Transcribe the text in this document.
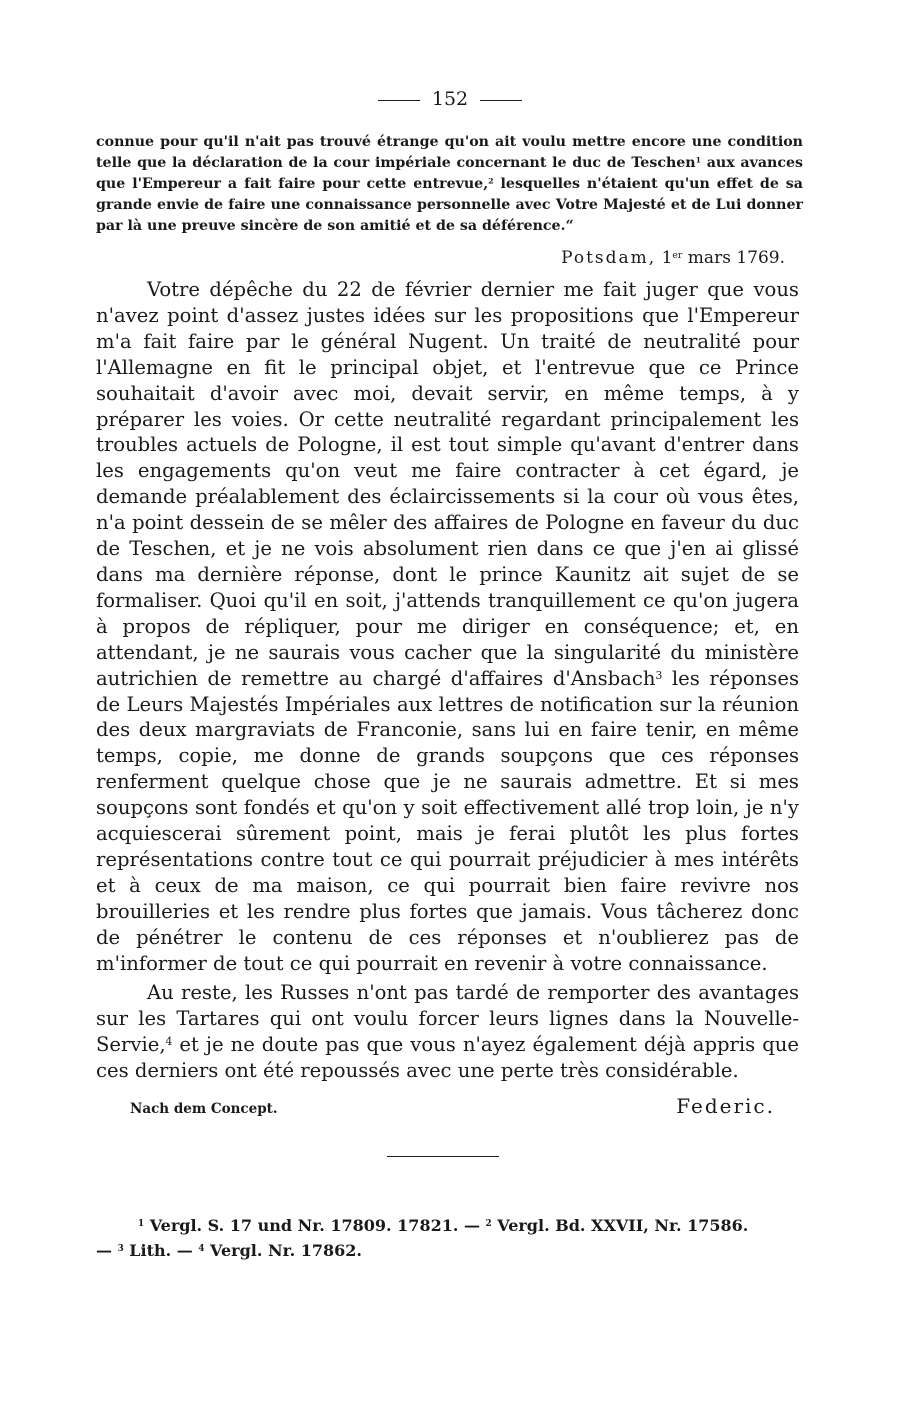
152

connue pour qu'il n'ait pas trouvé étrange qu'on ait voulu mettre encore une condition telle que la déclaration de la cour impériale concernant le duc de Teschen$^1$ aux avances que l'Empereur a fait faire pour cette entrevue,$^2$ lesquelles n'étaient qu'un effet de sa grande envie de faire une connaissance personnelle avec Votre Majesté et de Lui donner par là une preuve sincère de son amitié et de sa déférence.“

Potsdam, 1er mars 1769.

Votre dépêche du 22 de février dernier me fait juger que vous n'avez point d'assez justes idées sur les propositions que l'Empereur m'a fait faire par le général Nugent. Un traité de neutralité pour l'Allemagne en fit le principal objet, et l'entrevue que ce Prince souhaitait d'avoir avec moi, devait servir, en même temps, à y préparer les voies. Or cette neutralité regardant principalement les troubles actuels de Pologne, il est tout simple qu'avant d'entrer dans les engagements qu'on veut me faire contracter à cet égard, je demande préalablement des éclaircissements si la cour où vous êtes, n'a point dessein de se mêler des affaires de Pologne en faveur du duc de Teschen, et je ne vois absolument rien dans ce que j'en ai glissé dans ma dernière réponse, dont le prince Kaunitz ait sujet de se formaliser. Quoi qu'il en soit, j'attends tranquillement ce qu'on jugera à propos de répliquer, pour me diriger en conséquence; et, en attendant, je ne saurais vous cacher que la singularité du ministère autrichien de remettre au chargé d'affaires d'Ansbach$^3$ les réponses de Leurs Majestés Impériales aux lettres de notification sur la réunion des deux margraviats de Franconie, sans lui en faire tenir, en même temps, copie, me donne de grands soupçons que ces réponses renferment quelque chose que je ne saurais admettre. Et si mes soupçons sont fondés et qu'on y soit effectivement allé trop loin, je n'y acquiescerai sûrement point, mais je ferai plutôt les plus fortes représentations contre tout ce qui pourrait préjudicier à mes intérêts et à ceux de ma maison, ce qui pourrait bien faire revivre nos brouilleries et les rendre plus fortes que jamais. Vous tâcherez donc de pénétrer le contenu de ces réponses et n'oublierez pas de m'informer de tout ce qui pourrait en revenir à votre connaissance.

Au reste, les Russes n'ont pas tardé de remporter des avantages sur les Tartares qui ont voulu forcer leurs lignes dans la Nouvelle-Servie,$^4$ et je ne doute pas que vous n'ayez également déjà appris que ces derniers ont été repoussés avec une perte très considérable.

Nach dem Concept.	Federic.
$^1$ Vergl. S. 17 und Nr. 17809. 17821. — $^2$ Vergl. Bd. XXVII, Nr. 17586.
— $^3$ Lith. — $^4$ Vergl. Nr. 17862.
